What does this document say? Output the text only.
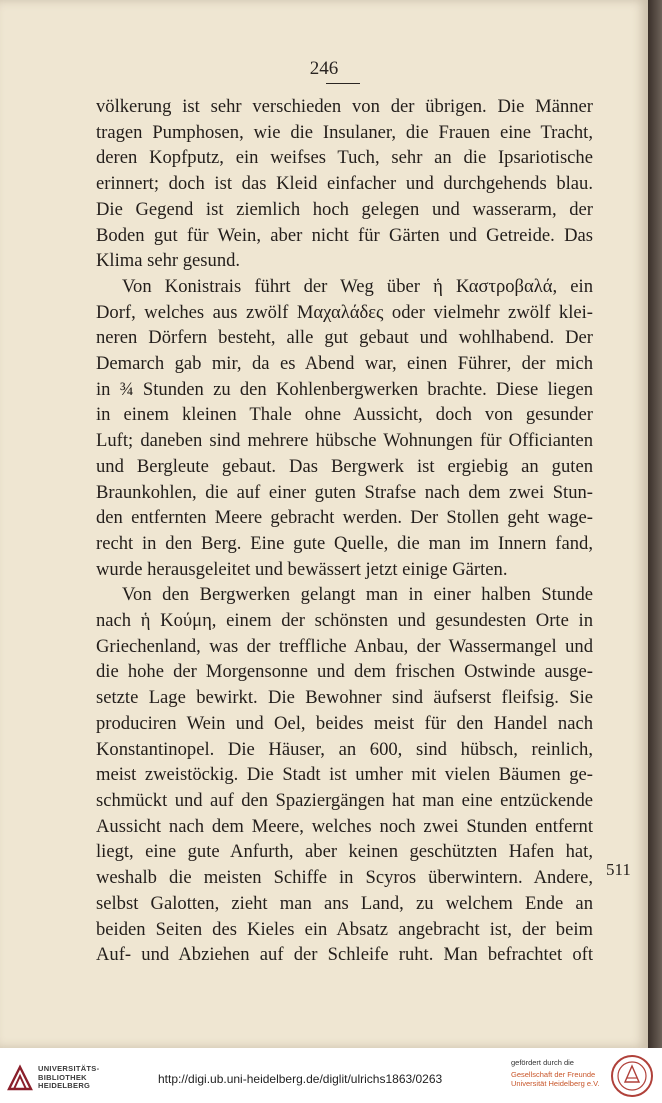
246
völkerung ist sehr verschieden von der übrigen. Die Männer
tragen Pumphosen, wie die Insulaner, die Frauen eine Tracht,
deren Kopfputz, ein weifses Tuch, sehr an die Ipsariotische
erinnert; doch ist das Kleid einfacher und durchgehends blau.
Die Gegend ist ziemlich hoch gelegen und wasserarm, der
Boden gut für Wein, aber nicht für Gärten und Getreide. Das
Klima sehr gesund.
Von Konistrais führt der Weg über ἡ Καστροβαλά, ein
Dorf, welches aus zwölf Μαχαλάδες oder vielmehr zwölf klei-
neren Dörfern besteht, alle gut gebaut und wohlhabend. Der
Demarch gab mir, da es Abend war, einen Führer, der mich
in ¾ Stunden zu den Kohlenbergwerken brachte. Diese liegen
in einem kleinen Thale ohne Aussicht, doch von gesunder
Luft; daneben sind mehrere hübsche Wohnungen für Officianten
und Bergleute gebaut. Das Bergwerk ist ergiebig an guten
Braunkohlen, die auf einer guten Strafse nach dem zwei Stun-
den entfernten Meere gebracht werden. Der Stollen geht wage-
recht in den Berg. Eine gute Quelle, die man im Innern fand,
wurde herausgeleitet und bewässert jetzt einige Gärten.
Von den Bergwerken gelangt man in einer halben Stunde
nach ἡ Κούμη, einem der schönsten und gesundesten Orte in
Griechenland, was der treffliche Anbau, der Wassermangel und
die hohe der Morgensonne und dem frischen Ostwinde ausge-
setzte Lage bewirkt. Die Bewohner sind äufserst fleifsig. Sie
produciren Wein und Oel, beides meist für den Handel nach
Konstantinopel. Die Häuser, an 600, sind hübsch, reinlich,
meist zweistöckig. Die Stadt ist umher mit vielen Bäumen ge-
schmückt und auf den Spaziergängen hat man eine entzückende
Aussicht nach dem Meere, welches noch zwei Stunden entfernt
liegt, eine gute Anfurth, aber keinen geschützten Hafen hat,
weshalb die meisten Schiffe in Scyros überwintern. Andere,
selbst Galotten, zieht man ans Land, zu welchem Ende an
beiden Seiten des Kieles ein Absatz angebracht ist, der beim
Auf- und Abziehen auf der Schleife ruht. Man befrachtet oft
511
UNIVERSITÄTS-
BIBLIOTHEK
HEIDELBERG	http://digi.ub.uni-heidelberg.de/diglit/ulrichs1863/0263
gefördert durch die
Gesellschaft der Freunde
Universität Heidelberg e.V.
